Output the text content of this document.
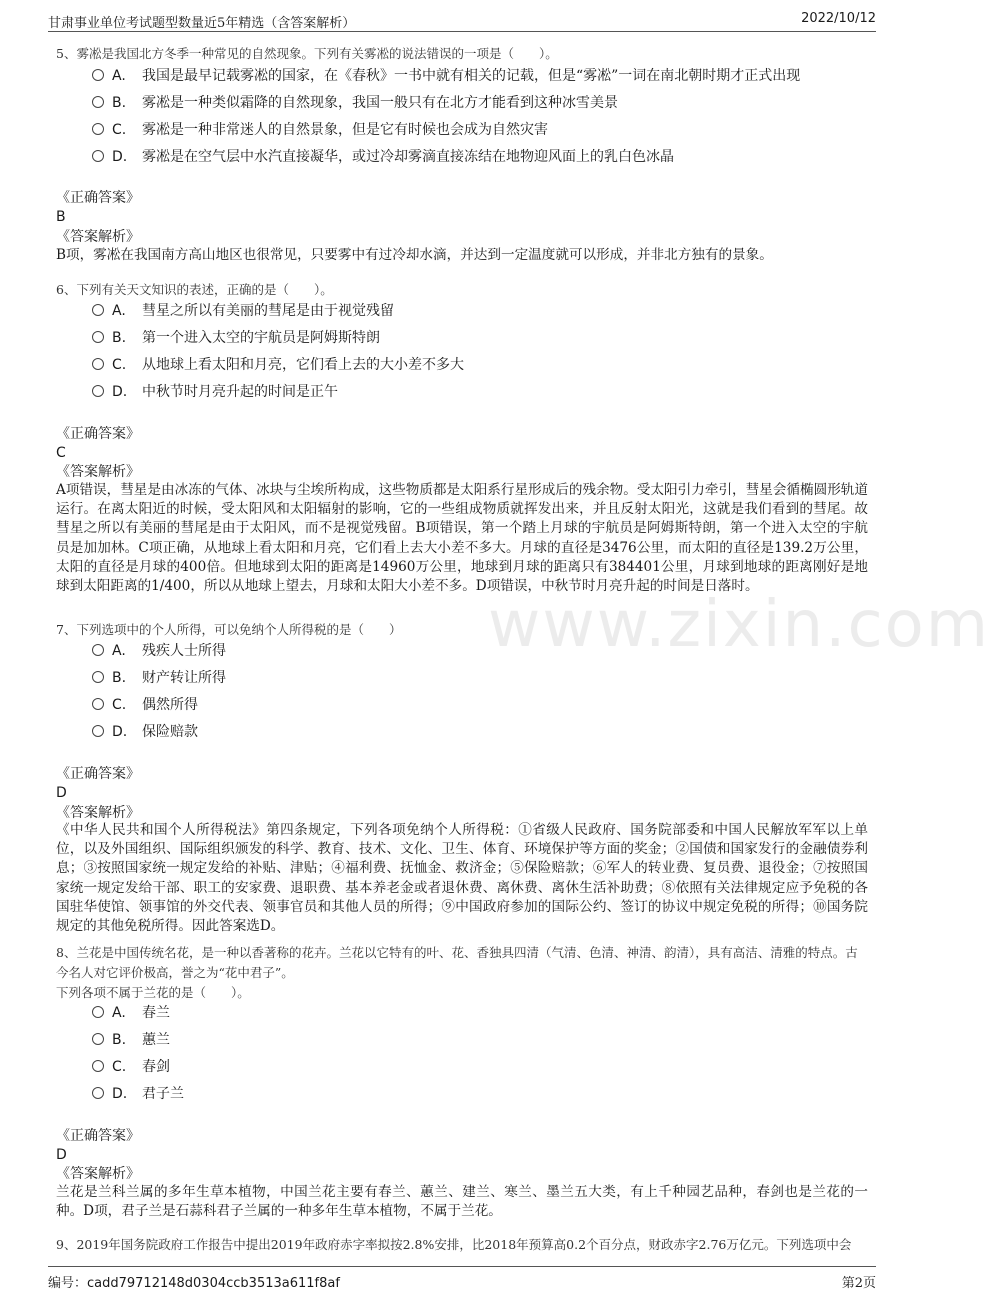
甘肃事业单位考试题型数量近5年精选（含答案解析）	2022/10/12
www.zixin.com
5、雾凇是我国北方冬季一种常见的自然现象。下列有关雾凇的说法错误的一项是（　　）。
A. 我国是最早记载雾凇的国家，在《春秋》一书中就有相关的记载，但是“雾凇”一词在南北朝时期才正式出现
B. 雾凇是一种类似霜降的自然现象，我国一般只有在北方才能看到这种冰雪美景
C. 雾凇是一种非常迷人的自然景象，但是它有时候也会成为自然灾害
D. 雾凇是在空气层中水汽直接凝华，或过冷却雾滴直接冻结在地物迎风面上的乳白色冰晶
《正确答案》
B
《答案解析》
B项，雾凇在我国南方高山地区也很常见，只要雾中有过冷却水滴，并达到一定温度就可以形成，并非北方独有的景象。
6、下列有关天文知识的表述，正确的是（　　）。
A. 彗星之所以有美丽的彗尾是由于视觉残留
B. 第一个进入太空的宇航员是阿姆斯特朗
C. 从地球上看太阳和月亮，它们看上去的大小差不多大
D. 中秋节时月亮升起的时间是正午
《正确答案》
C
《答案解析》
A项错误，彗星是由冰冻的气体、冰块与尘埃所构成，这些物质都是太阳系行星形成后的残余物。受太阳引力牵引，彗星会循椭圆形轨道运行。在离太阳近的时候，受太阳风和太阳辐射的影响，它的一些组成物质就挥发出来，并且反射太阳光，这就是我们看到的彗尾。故彗星之所以有美丽的彗尾是由于太阳风，而不是视觉残留。B项错误，第一个踏上月球的宇航员是阿姆斯特朗，第一个进入太空的宇航员是加加林。C项正确，从地球上看太阳和月亮，它们看上去大小差不多大。月球的直径是3476公里，而太阳的直径是139.2万公里，太阳的直径是月球的400倍。但地球到太阳的距离是14960万公里，地球到月球的距离只有384401公里，月球到地球的距离刚好是地球到太阳距离的1/400，所以从地球上望去，月球和太阳大小差不多。D项错误，中秋节时月亮升起的时间是日落时。
7、下列选项中的个人所得，可以免纳个人所得税的是（　　）
A. 残疾人士所得
B. 财产转让所得
C. 偶然所得
D. 保险赔款
《正确答案》
D
《答案解析》
《中华人民共和国个人所得税法》第四条规定，下列各项免纳个人所得税：①省级人民政府、国务院部委和中国人民解放军军以上单位，以及外国组织、国际组织颁发的科学、教育、技术、文化、卫生、体育、环境保护等方面的奖金；②国债和国家发行的金融债券利息；③按照国家统一规定发给的补贴、津贴；④福利费、抚恤金、救济金；⑤保险赔款；⑥军人的转业费、复员费、退役金；⑦按照国家统一规定发给干部、职工的安家费、退职费、基本养老金或者退休费、离休费、离休生活补助费；⑧依照有关法律规定应予免税的各国驻华使馆、领事馆的外交代表、领事官员和其他人员的所得；⑨中国政府参加的国际公约、签订的协议中规定免税的所得；⑩国务院规定的其他免税所得。因此答案选D。
8、兰花是中国传统名花，是一种以香著称的花卉。兰花以它特有的叶、花、香独具四清（气清、色清、神清、韵清），具有高洁、清雅的特点。古今名人对它评价极高，誉之为“花中君子”。
下列各项不属于兰花的是（　　）。
A. 春兰
B. 蕙兰
C. 春剑
D. 君子兰
《正确答案》
D
《答案解析》
兰花是兰科兰属的多年生草本植物，中国兰花主要有春兰、蕙兰、建兰、寒兰、墨兰五大类，有上千种园艺品种，春剑也是兰花的一种。D项，君子兰是石蒜科君子兰属的一种多年生草本植物，不属于兰花。
9、2019年国务院政府工作报告中提出2019年政府赤字率拟按2.8%安排，比2018年预算高0.2个百分点，财政赤字2.76万亿元。下列选项中会
编号：cadd79712148d0304ccb3513a611f8af	第2页
